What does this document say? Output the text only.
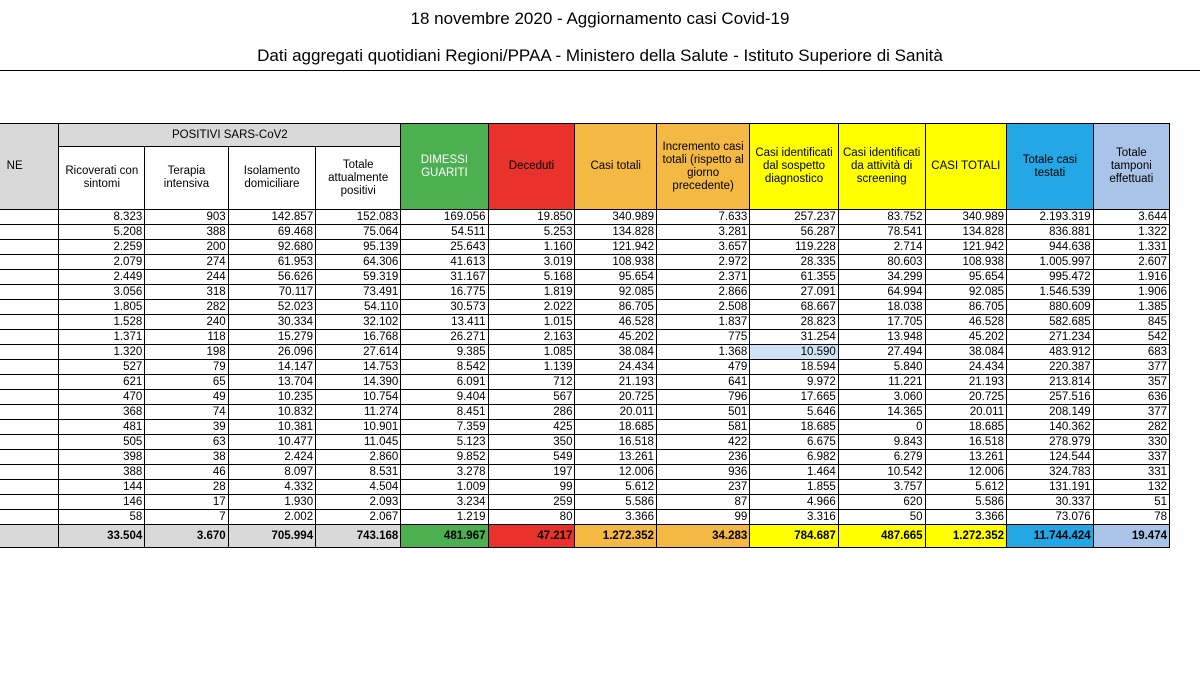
18 novembre 2020 - Aggiornamento casi Covid-19
Dati aggregati quotidiani Regioni/PPAA - Ministero della Salute - Istituto Superiore di Sanità
NE	POSITIVI SARS-CoV2				DIMESSI GUARITI	Deceduti	Casi totali	Incremento casi totali (rispetto al giorno precedente)	Casi identificati dal sospetto diagnostico	Casi identificati da attività di screening	CASI TOTALI	Totale casi testati	Totale tamponi effettuati
	Ricoverati con sintomi	Terapia intensiva	Isolamento domiciliare	Totale attualmente positivi									
	8.323	903	142.857	152.083	169.056	19.850	340.989	7.633	257.237	83.752	340.989	2.193.319	3.644
	5.208	388	69.468	75.064	54.511	5.253	134.828	3.281	56.287	78.541	134.828	836.881	1.322
	2.259	200	92.680	95.139	25.643	1.160	121.942	3.657	119.228	2.714	121.942	944.638	1.331
	2.079	274	61.953	64.306	41.613	3.019	108.938	2.972	28.335	80.603	108.938	1.005.997	2.607
	2.449	244	56.626	59.319	31.167	5.168	95.654	2.371	61.355	34.299	95.654	995.472	1.916
	3.056	318	70.117	73.491	16.775	1.819	92.085	2.866	27.091	64.994	92.085	1.546.539	1.906
	1.805	282	52.023	54.110	30.573	2.022	86.705	2.508	68.667	18.038	86.705	880.609	1.385
	1.528	240	30.334	32.102	13.411	1.015	46.528	1.837	28.823	17.705	46.528	582.685	845
	1.371	118	15.279	16.768	26.271	2.163	45.202	775	31.254	13.948	45.202	271.234	542
	1.320	198	26.096	27.614	9.385	1.085	38.084	1.368	10.590	27.494	38.084	483.912	683
	527	79	14.147	14.753	8.542	1.139	24.434	479	18.594	5.840	24.434	220.387	377
	621	65	13.704	14.390	6.091	712	21.193	641	9.972	11.221	21.193	213.814	357
	470	49	10.235	10.754	9.404	567	20.725	796	17.665	3.060	20.725	257.516	636
	368	74	10.832	11.274	8.451	286	20.011	501	5.646	14.365	20.011	208.149	377
	481	39	10.381	10.901	7.359	425	18.685	581	18.685	0	18.685	140.362	282
	505	63	10.477	11.045	5.123	350	16.518	422	6.675	9.843	16.518	278.979	330
	398	38	2.424	2.860	9.852	549	13.261	236	6.982	6.279	13.261	124.544	337
	388	46	8.097	8.531	3.278	197	12.006	936	1.464	10.542	12.006	324.783	331
	144	28	4.332	4.504	1.009	99	5.612	237	1.855	3.757	5.612	131.191	132
	146	17	1.930	2.093	3.234	259	5.586	87	4.966	620	5.586	30.337	51
	58	7	2.002	2.067	1.219	80	3.366	99	3.316	50	3.366	73.076	78
	33.504	3.670	705.994	743.168	481.967	47.217	1.272.352	34.283	784.687	487.665	1.272.352	11.744.424	19.474
